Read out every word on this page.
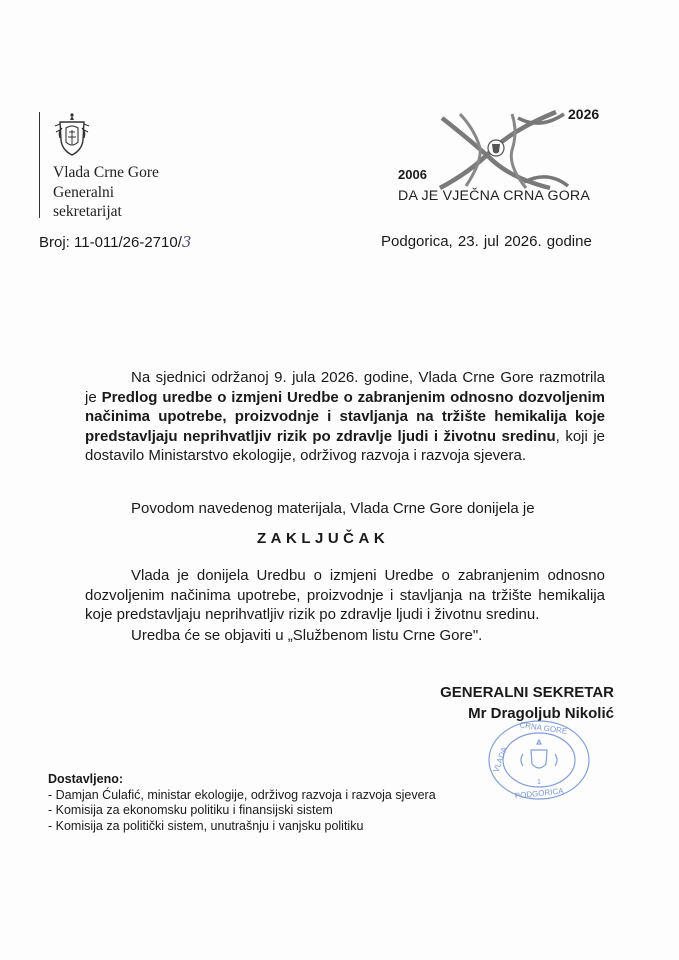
Vlada Crne Gore
Generalni
sekretarijat
2026
2006
DA JE VJEČNA CRNA GORA
Broj: 11-011/26-2710/3	Podgorica, 23. jul 2026. godine
Na sjednici održanoj 9. jula 2026. godine, Vlada Crne Gore razmotrila je Predlog uredbe o izmjeni Uredbe o zabranjenim odnosno dozvoljenim načinima upotrebe, proizvodnje i stavljanja na tržište hemikalija koje predstavljaju neprihvatljiv rizik po zdravlje ljudi i životnu sredinu, koji je dostavilo Ministarstvo ekologije, održivog razvoja i razvoja sjevera.
Povodom navedenog materijala, Vlada Crne Gore donijela je
ZAKLJUČAK
Vlada je donijela Uredbu o izmjeni Uredbe o zabranjenim odnosno dozvoljenim načinima upotrebe, proizvodnje i stavljanja na tržište hemikalija koje predstavljaju neprihvatljiv rizik po zdravlje ljudi i životnu sredinu.
Uredba će se objaviti u „Službenom listu Crne Gore".
GENERALNI SEKRETAR
Mr Dragoljub Nikolić
CRNA GORE
VLADA
PODGORICA
1
Dostavljeno:
- Damjan Ćulafić, ministar ekologije, održivog razvoja i razvoja sjevera
- Komisija za ekonomsku politiku i finansijski sistem
- Komisija za politički sistem, unutrašnju i vanjsku politiku
